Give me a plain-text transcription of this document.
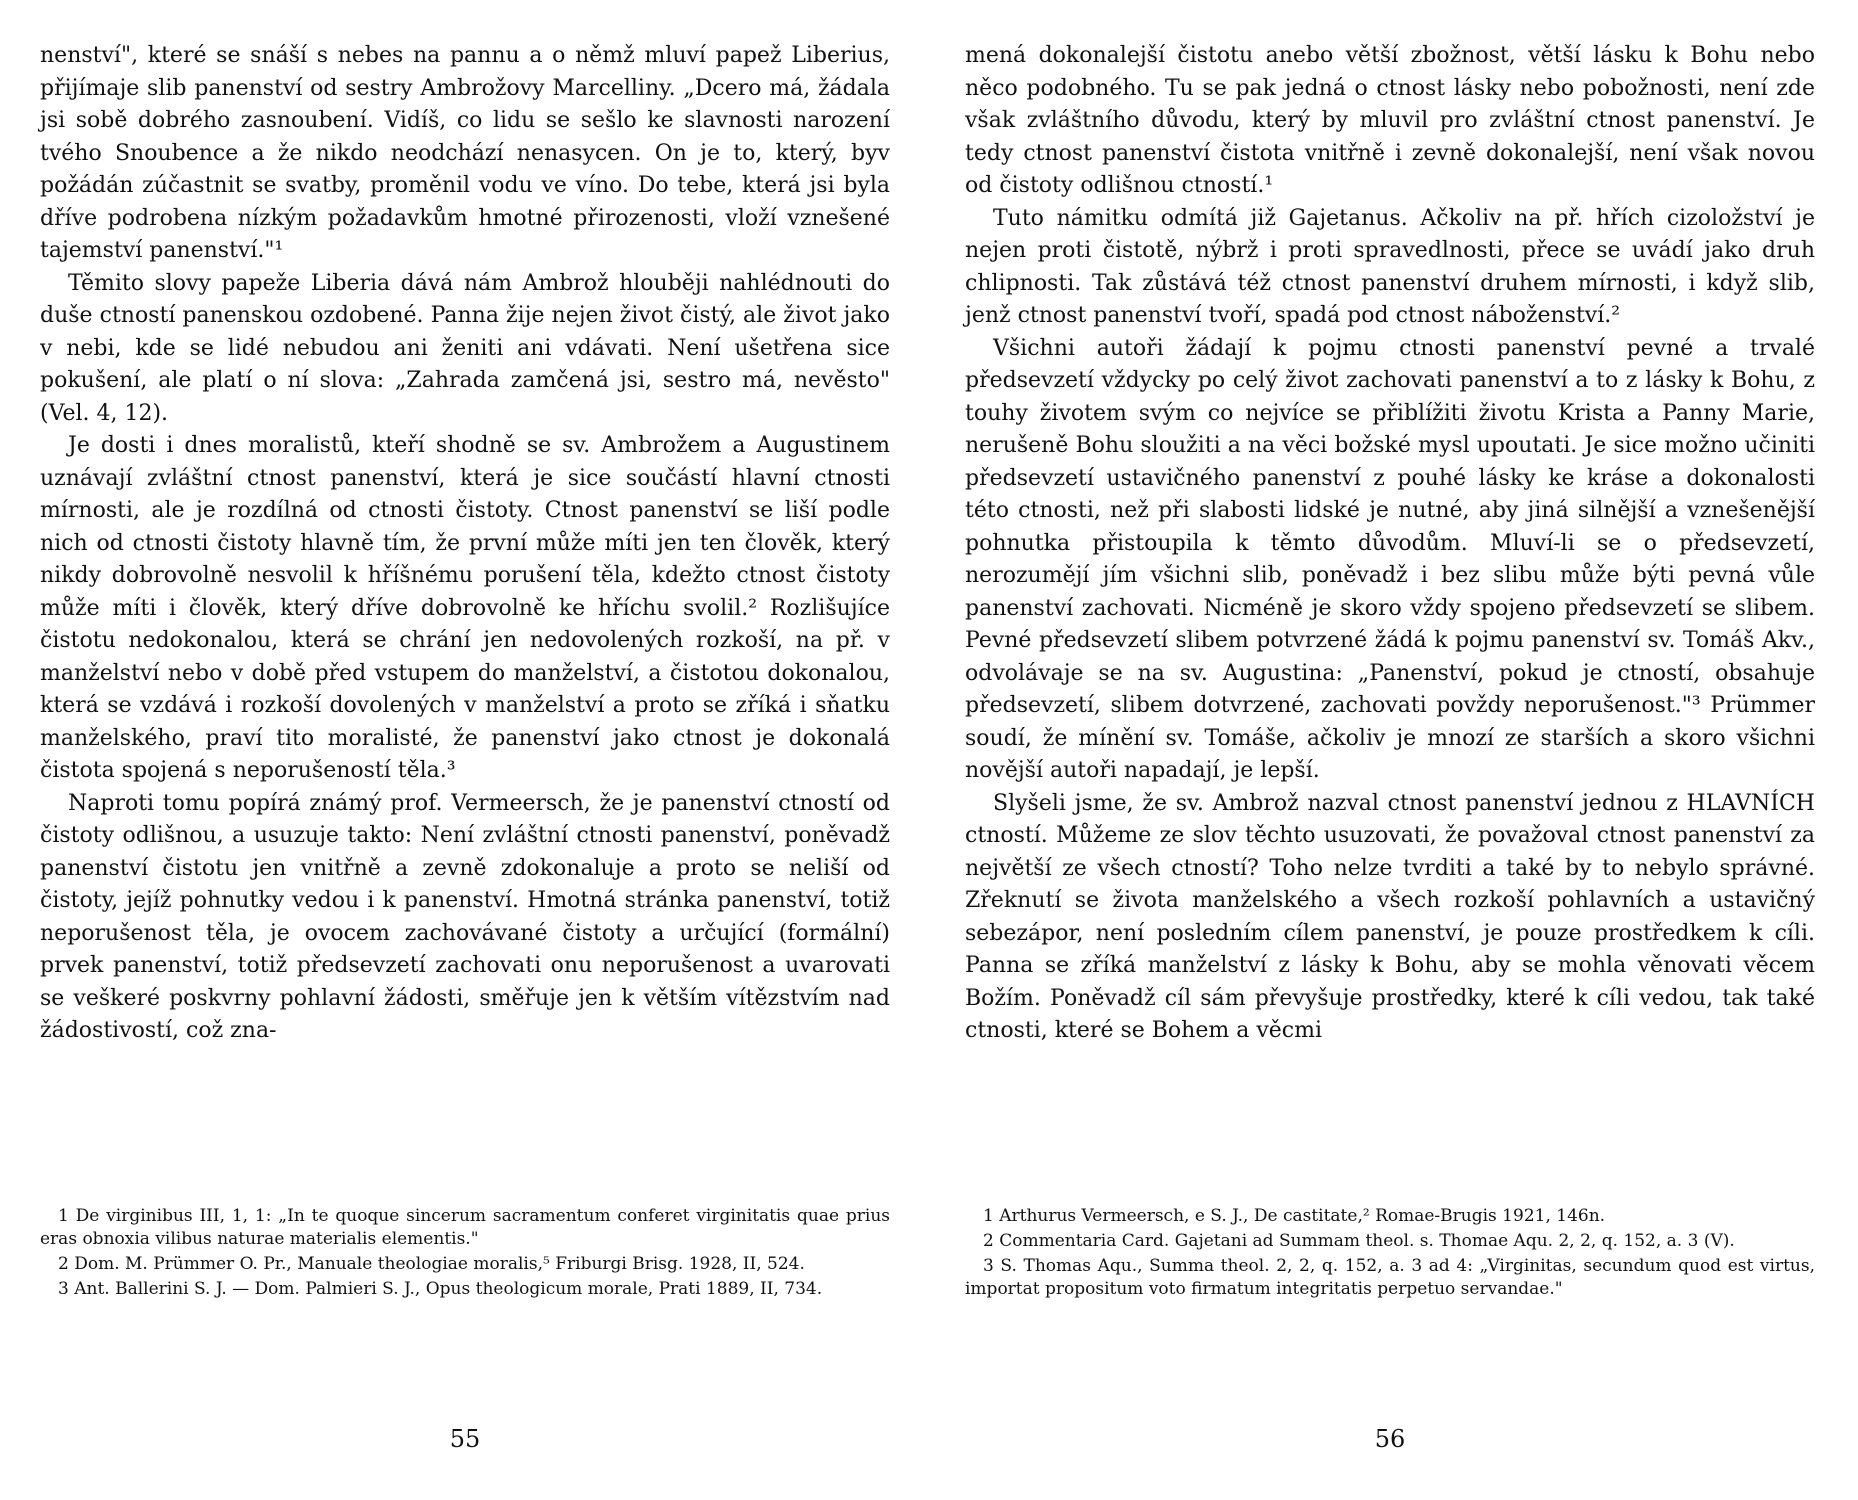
nenství", které se snáší s nebes na pannu a o němž mluví papež Liberius, přijímaje slib panenství od sestry Ambrožovy Marcelliny. „Dcero má, žádala jsi sobě dobrého zasnoubení. Vidíš, co lidu se sešlo ke slavnosti narození tvého Snoubence a že nikdo neodchází nenasycen. On je to, který, byv požádán zúčastnit se svatby, proměnil vodu ve víno. Do tebe, která jsi byla dříve podrobena nízkým požadavkům hmotné přirozenosti, vloží vznešené tajemství panenství."¹

Těmito slovy papeže Liberia dává nám Ambrož hlouběji nahlédnouti do duše ctností panenskou ozdobené. Panna žije nejen život čistý, ale život jako v nebi, kde se lidé nebudou ani ženiti ani vdávati. Není ušetřena sice pokušení, ale platí o ní slova: „Zahrada zamčená jsi, sestro má, nevěsto" (Vel. 4, 12).

Je dosti i dnes moralistů, kteří shodně se sv. Ambrožem a Augustinem uznávají zvláštní ctnost panenství, která je sice součástí hlavní ctnosti mírnosti, ale je rozdílná od ctnosti čistoty. Ctnost panenství se liší podle nich od ctnosti čistoty hlavně tím, že první může míti jen ten člověk, který nikdy dobrovolně nesvolil k hříšnému porušení těla, kdežto ctnost čistoty může míti i člověk, který dříve dobrovolně ke hříchu svolil.² Rozlišujíce čistotu nedokonalou, která se chrání jen nedovolených rozkoší, na př. v manželství nebo v době před vstupem do manželství, a čistotou dokonalou, která se vzdává i rozkoší dovolených v manželství a proto se zříká i sňatku manželského, praví tito moralisté, že panenství jako ctnost je dokonalá čistota spojená s neporušeností těla.³

Naproti tomu popírá známý prof. Vermeersch, že je panenství ctností od čistoty odlišnou, a usuzuje takto: Není zvláštní ctnosti panenství, poněvadž panenství čistotu jen vnitřně a zevně zdokonaluje a proto se neliší od čistoty, jejíž pohnutky vedou i k panenství. Hmotná stránka panenství, totiž neporušenost těla, je ovocem zachovávané čistoty a určující (formální) prvek panenství, totiž předsevzetí zachovati onu neporušenost a uvarovati se veškeré poskvrny pohlavní žádosti, směřuje jen k větším vítězstvím nad žádostivostí, což zna-

1 De virginibus III, 1, 1: „In te quoque sincerum sacramentum conferet virginitatis quae prius eras obnoxia vilibus naturae materialis elementis."

2 Dom. M. Prümmer O. Pr., Manuale theologiae moralis,⁵ Friburgi Brisg. 1928, II, 524.

3 Ant. Ballerini S. J. — Dom. Palmieri S. J., Opus theologicum morale, Prati 1889, II, 734.

55

mená dokonalejší čistotu anebo větší zbožnost, větší lásku k Bohu nebo něco podobného. Tu se pak jedná o ctnost lásky nebo pobožnosti, není zde však zvláštního důvodu, který by mluvil pro zvláštní ctnost panenství. Je tedy ctnost panenství čistota vnitřně i zevně dokonalejší, není však novou od čistoty odlišnou ctností.¹

Tuto námitku odmítá již Gajetanus. Ačkoliv na př. hřích cizoložství je nejen proti čistotě, nýbrž i proti spravedlnosti, přece se uvádí jako druh chlipnosti. Tak zůstává též ctnost panenství druhem mírnosti, i když slib, jenž ctnost panenství tvoří, spadá pod ctnost náboženství.²

Všichni autoři žádají k pojmu ctnosti panenství pevné a trvalé předsevzetí vždycky po celý život zachovati panenství a to z lásky k Bohu, z touhy životem svým co nejvíce se přiblížiti životu Krista a Panny Marie, nerušeně Bohu sloužiti a na věci božské mysl upoutati. Je sice možno učiniti předsevzetí ustavičného panenství z pouhé lásky ke kráse a dokonalosti této ctnosti, než při slabosti lidské je nutné, aby jiná silnější a vznešenější pohnutka přistoupila k těmto důvodům. Mluví-li se o předsevzetí, nerozumějí jím všichni slib, poněvadž i bez slibu může býti pevná vůle panenství zachovati. Nicméně je skoro vždy spojeno předsevzetí se slibem. Pevné předsevzetí slibem potvrzené žádá k pojmu panenství sv. Tomáš Akv., odvolávaje se na sv. Augustina: „Panenství, pokud je ctností, obsahuje předsevzetí, slibem dotvrzené, zachovati povždy neporušenost."³ Prümmer soudí, že mínění sv. Tomáše, ačkoliv je mnozí ze starších a skoro všichni novější autoři napadají, je lepší.

Slyšeli jsme, že sv. Ambrož nazval ctnost panenství jednou z HLAVNÍCH ctností. Můžeme ze slov těchto usuzovati, že považoval ctnost panenství za největší ze všech ctností? Toho nelze tvrditi a také by to nebylo správné. Zřeknutí se života manželského a všech rozkoší pohlavních a ustavičný sebezápor, není posledním cílem panenství, je pouze prostředkem k cíli. Panna se zříká manželství z lásky k Bohu, aby se mohla věnovati věcem Božím. Poněvadž cíl sám převyšuje prostředky, které k cíli vedou, tak také ctnosti, které se Bohem a věcmi

1 Arthurus Vermeersch, e S. J., De castitate,² Romae-Brugis 1921, 146n.

2 Commentaria Card. Gajetani ad Summam theol. s. Thomae Aqu. 2, 2, q. 152, a. 3 (V).

3 S. Thomas Aqu., Summa theol. 2, 2, q. 152, a. 3 ad 4: „Virginitas, secundum quod est virtus, importat propositum voto firmatum integritatis perpetuo servandae."

56
